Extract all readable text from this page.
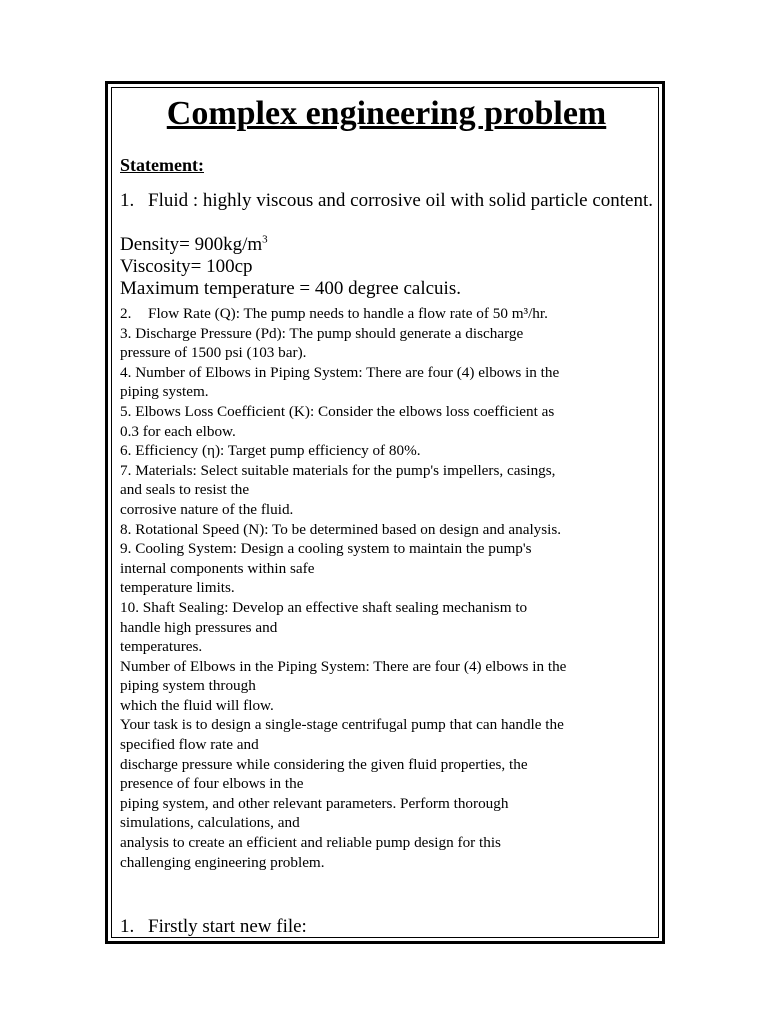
Complex engineering problem
Statement:
1. Fluid : highly viscous and corrosive oil with solid particle content.
Density= $900kg/m^3$
Viscosity= 100cp
Maximum temperature = 400 degree calcuis.
2.	Flow Rate (Q): The pump needs to handle a flow rate of 50 m³/hr.
3. Discharge Pressure (Pd): The pump should generate a discharge
pressure of 1500 psi (103 bar).
4. Number of Elbows in Piping System: There are four (4) elbows in the
piping system.
5. Elbows Loss Coefficient (K): Consider the elbows loss coefficient as
0.3 for each elbow.
6. Efficiency (η): Target pump efficiency of 80%.
7. Materials: Select suitable materials for the pump's impellers, casings,
and seals to resist the
corrosive nature of the fluid.
8. Rotational Speed (N): To be determined based on design and analysis.
9. Cooling System: Design a cooling system to maintain the pump's
internal components within safe
temperature limits.
10. Shaft Sealing: Develop an effective shaft sealing mechanism to
handle high pressures and
temperatures.
Number of Elbows in the Piping System: There are four (4) elbows in the
piping system through
which the fluid will flow.
Your task is to design a single-stage centrifugal pump that can handle the
specified flow rate and
discharge pressure while considering the given fluid properties, the
presence of four elbows in the
piping system, and other relevant parameters. Perform thorough
simulations, calculations, and
analysis to create an efficient and reliable pump design for this
challenging engineering problem.
1. Firstly start new file:
